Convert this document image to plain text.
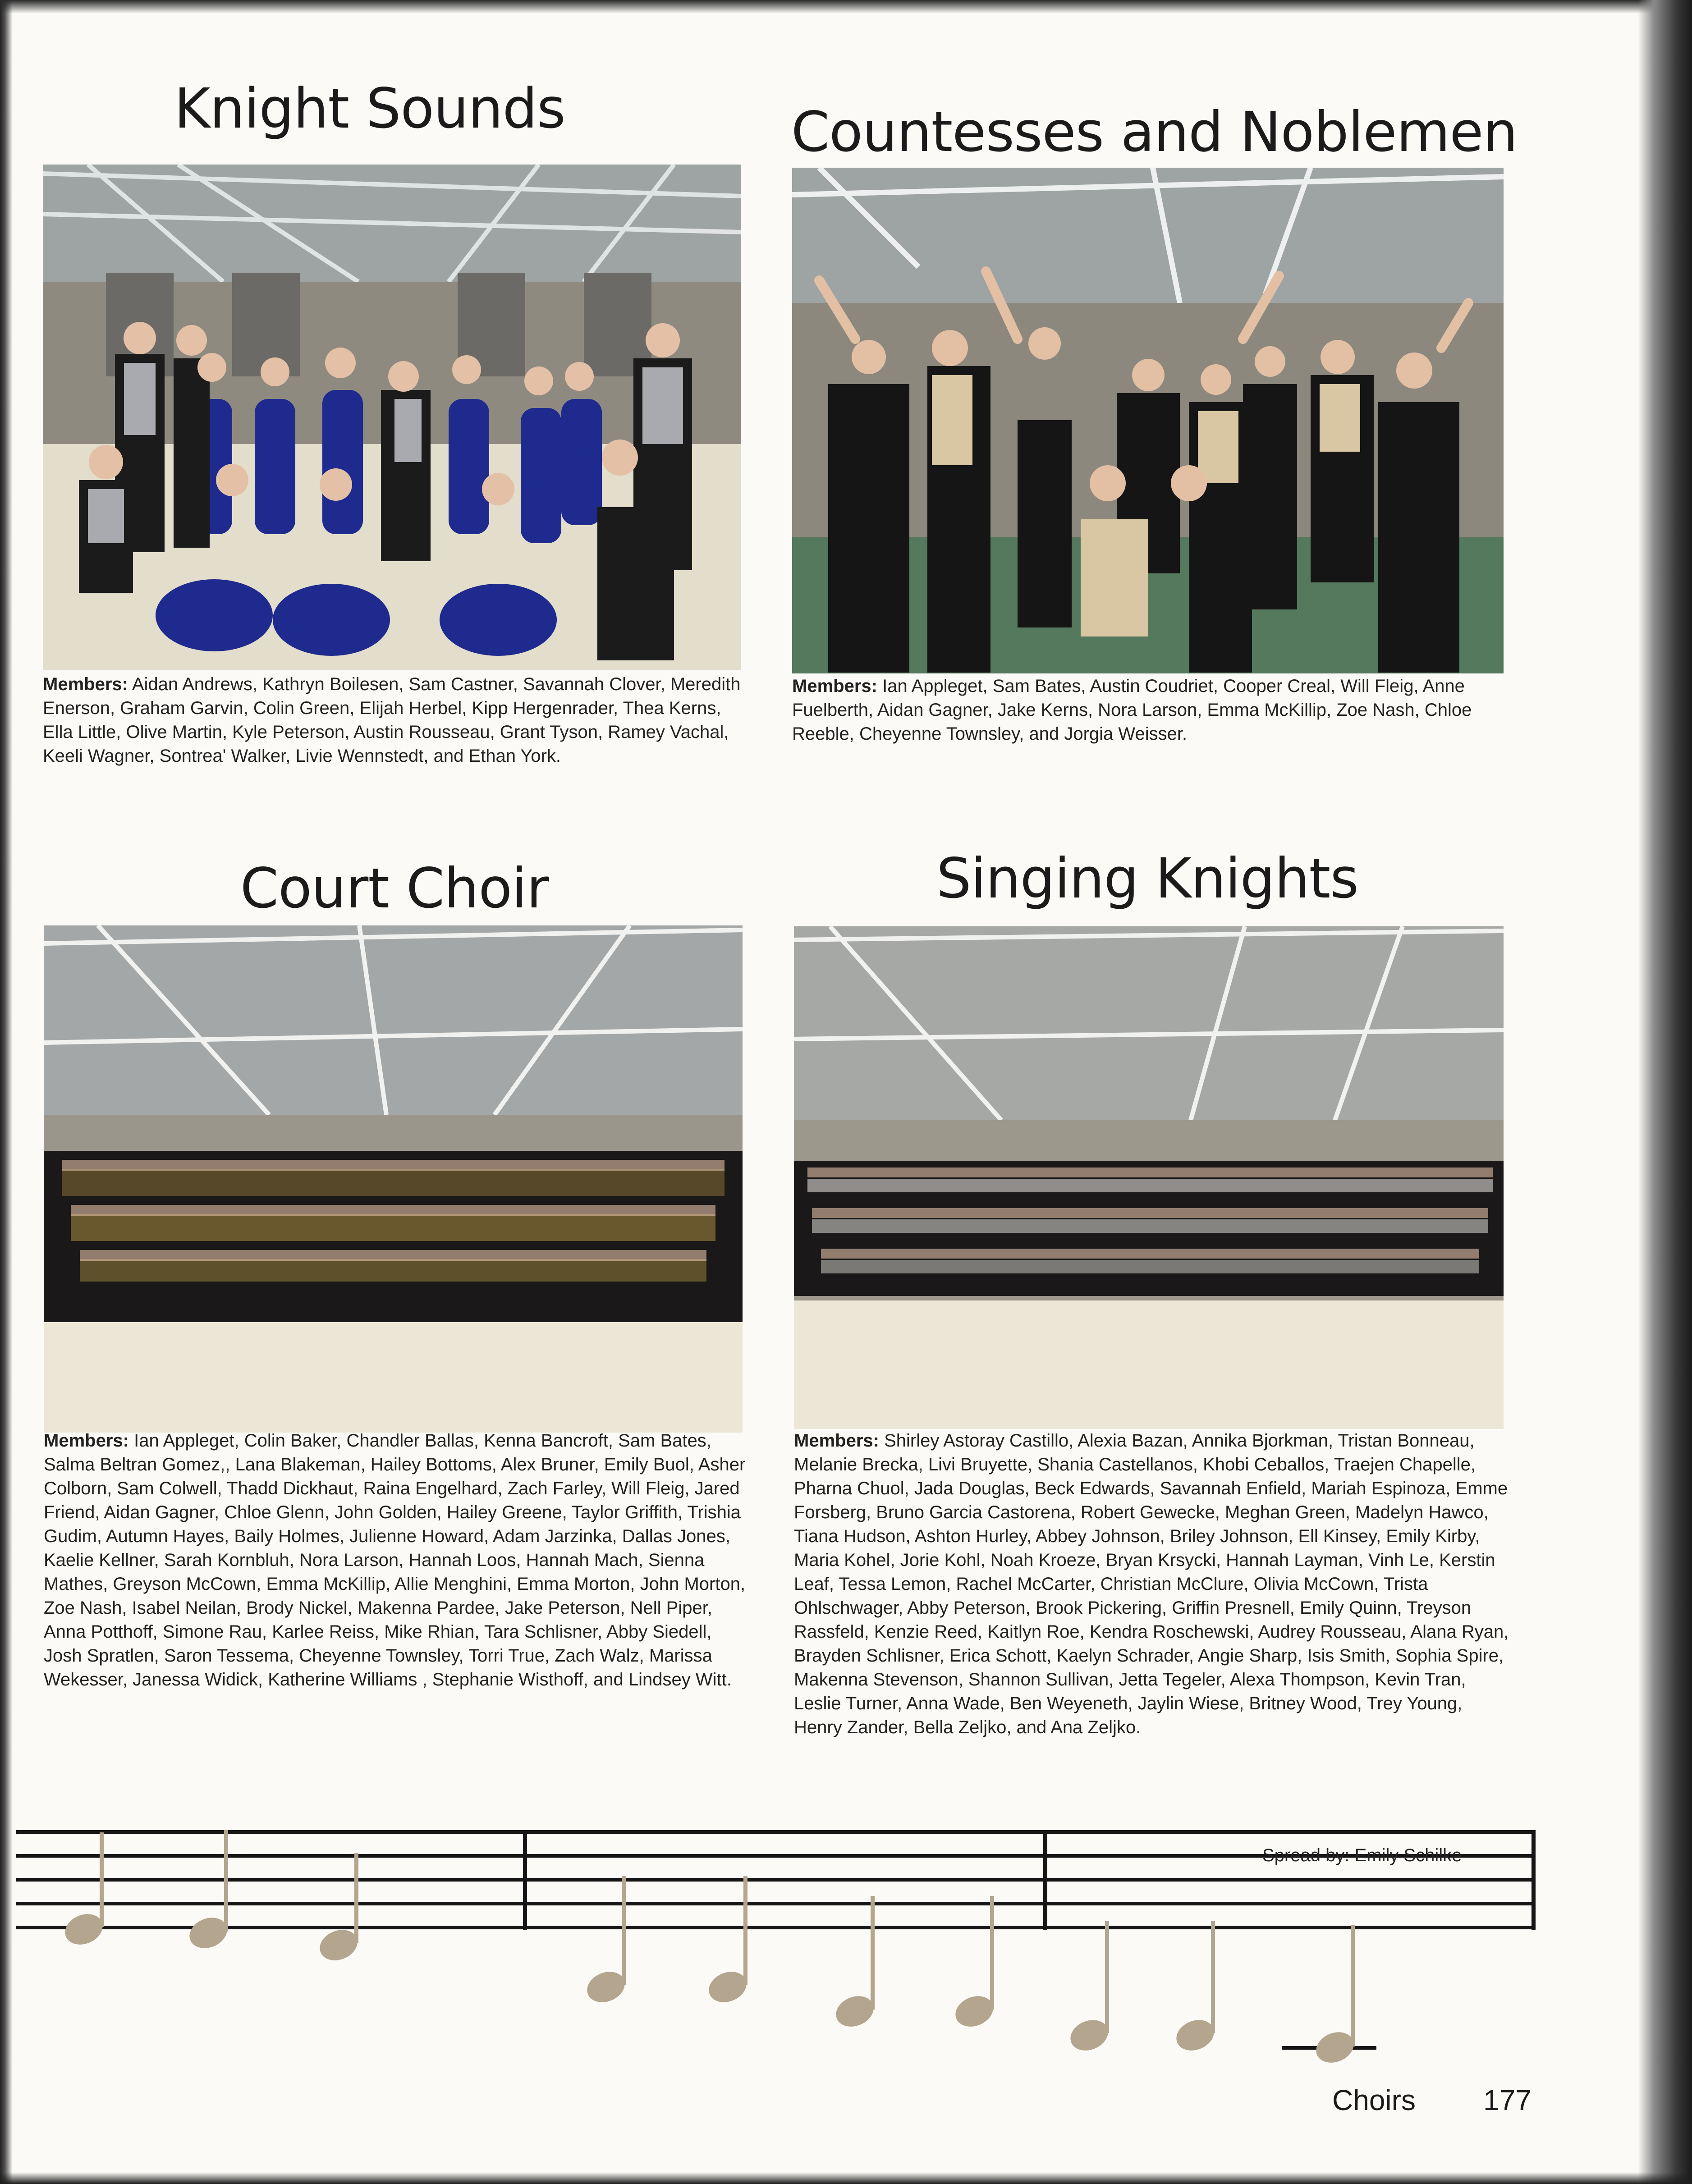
Knight Sounds

Members: Aidan Andrews, Kathryn Boilesen, Sam Castner, Savannah Clover, Meredith Enerson, Graham Garvin, Colin Green, Elijah Herbel, Kipp Hergenrader, Thea Kerns, Ella Little, Olive Martin, Kyle Peterson, Austin Rousseau, Grant Tyson, Ramey Vachal, Keeli Wagner, Sontrea' Walker, Livie Wennstedt, and Ethan York.

Countesses and Noblemen

Members: Ian Appleget, Sam Bates, Austin Coudriet, Cooper Creal, Will Fleig, Anne Fuelberth, Aidan Gagner, Jake Kerns, Nora Larson, Emma McKillip, Zoe Nash, Chloe Reeble, Cheyenne Townsley, and Jorgia Weisser.

Court Choir

Members: Ian Appleget, Colin Baker, Chandler Ballas, Kenna Bancroft, Sam Bates, Salma Beltran Gomez,, Lana Blakeman, Hailey Bottoms, Alex Bruner, Emily Buol, Asher Colborn, Sam Colwell, Thadd Dickhaut, Raina Engelhard, Zach Farley, Will Fleig, Jared Friend, Aidan Gagner, Chloe Glenn, John Golden, Hailey Greene, Taylor Griffith, Trishia Gudim, Autumn Hayes, Baily Holmes, Julienne Howard, Adam Jarzinka, Dallas Jones, Kaelie Kellner, Sarah Kornbluh, Nora Larson, Hannah Loos, Hannah Mach, Sienna Mathes, Greyson McCown, Emma McKillip, Allie Menghini, Emma Morton, John Morton, Zoe Nash, Isabel Neilan, Brody Nickel, Makenna Pardee, Jake Peterson, Nell Piper, Anna Potthoff, Simone Rau, Karlee Reiss, Mike Rhian, Tara Schlisner, Abby Siedell, Josh Spratlen, Saron Tessema, Cheyenne Townsley, Torri True, Zach Walz, Marissa Wekesser, Janessa Widick, Katherine Williams , Stephanie Wisthoff, and Lindsey Witt.

Singing Knights

Members: Shirley Astoray Castillo, Alexia Bazan, Annika Bjorkman, Tristan Bonneau, Melanie Brecka, Livi Bruyette, Shania Castellanos, Khobi Ceballos, Traejen Chapelle, Pharna Chuol, Jada Douglas, Beck Edwards, Savannah Enfield, Mariah Espinoza, Emme Forsberg, Bruno Garcia Castorena, Robert Gewecke, Meghan Green, Madelyn Hawco, Tiana Hudson, Ashton Hurley, Abbey Johnson, Briley Johnson, Ell Kinsey, Emily Kirby, Maria Kohel, Jorie Kohl, Noah Kroeze, Bryan Krsycki, Hannah Layman, Vinh Le, Kerstin Leaf, Tessa Lemon, Rachel McCarter, Christian McClure, Olivia McCown, Trista Ohlschwager, Abby Peterson, Brook Pickering, Griffin Presnell, Emily Quinn, Treyson Rassfeld, Kenzie Reed, Kaitlyn Roe, Kendra Roschewski, Audrey Rousseau, Alana Ryan, Brayden Schlisner, Erica Schott, Kaelyn Schrader, Angie Sharp, Isis Smith, Sophia Spire, Makenna Stevenson, Shannon Sullivan, Jetta Tegeler, Alexa Thompson, Kevin Tran, Leslie Turner, Anna Wade, Ben Weyeneth, Jaylin Wiese, Britney Wood, Trey Young, Henry Zander, Bella Zeljko, and Ana Zeljko.

Spread by: Emily Schilke
Choirs 177
